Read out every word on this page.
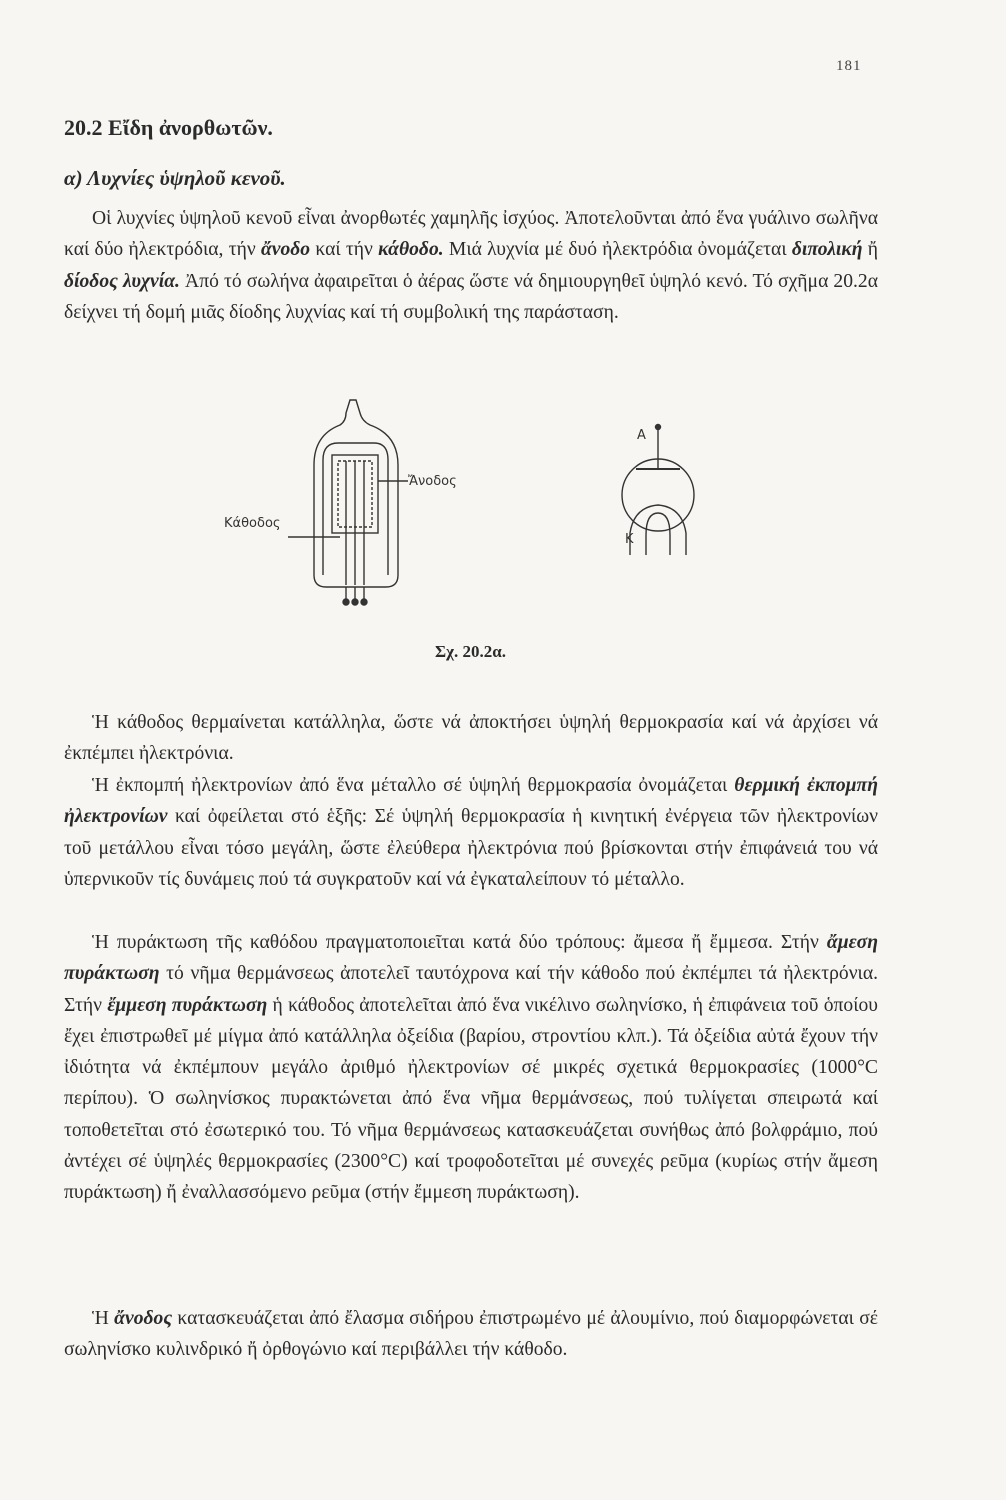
181
20.2 Εἴδη ἀνορθωτῶν.
α) Λυχνίες ὑψηλοῦ κενοῦ.

Οἱ λυχνίες ὑψηλοῦ κενοῦ εἶναι ἀνορθωτές χαμηλῆς ἰσχύος. Ἀποτελοῦνται ἀπό ἕνα γυάλινο σωλῆνα καί δύο ἠλεκτρόδια, τήν ἄνοδο καί τήν κάθοδο. Μιά λυχνία μέ δυό ἠλεκτρόδια ὀνομάζεται διπολική ἤ δίοδος λυχνία. Ἀπό τό σωλήνα ἀφαιρεῖται ὁ ἀέρας ὥστε νά δημιουργηθεῖ ὑψηλό κενό. Τό σχῆμα 20.2α δείχνει τή δομή μιᾶς δίοδης λυχνίας καί τή συμβολική της παράσταση.

Ἄνοδος
Κάθοδος
Α
Κ
Σχ. 20.2α.

Ἡ κάθοδος θερμαίνεται κατάλληλα, ὥστε νά ἀποκτήσει ὑψηλή θερμοκρασία καί νά ἀρχίσει νά ἐκπέμπει ἠλεκτρόνια.

Ἡ ἐκπομπή ἠλεκτρονίων ἀπό ἕνα μέταλλο σέ ὑψηλή θερμοκρασία ὀνομάζεται θερμική ἐκπομπή ἠλεκτρονίων καί ὀφείλεται στό ἑξῆς: Σέ ὑψηλή θερμοκρασία ἡ κινητική ἐνέργεια τῶν ἠλεκτρονίων τοῦ μετάλλου εἶναι τόσο μεγάλη, ὥστε ἐλεύθερα ἠλεκτρόνια πού βρίσκονται στήν ἐπιφάνειά του νά ὑπερνικοῦν τίς δυνάμεις πού τά συγκρατοῦν καί νά ἐγκαταλείπουν τό μέταλλο.

Ἡ πυράκτωση τῆς καθόδου πραγματοποιεῖται κατά δύο τρόπους: ἄμεσα ἤ ἔμμεσα. Στήν ἄμεση πυράκτωση τό νῆμα θερμάνσεως ἀποτελεῖ ταυτόχρονα καί τήν κάθοδο πού ἐκπέμπει τά ἠλεκτρόνια. Στήν ἔμμεση πυράκτωση ἡ κάθοδος ἀποτελεῖται ἀπό ἕνα νικέλινο σωληνίσκο, ἡ ἐπιφάνεια τοῦ ὁποίου ἔχει ἐπιστρωθεῖ μέ μίγμα ἀπό κατάλληλα ὀξείδια (βαρίου, στροντίου κλπ.). Τά ὀξείδια αὐτά ἔχουν τήν ἰδιότητα νά ἐκπέμπουν μεγάλο ἀριθμό ἠλεκτρονίων σέ μικρές σχετικά θερμοκρασίες (1000°C περίπου). Ὁ σωληνίσκος πυρακτώνεται ἀπό ἕνα νῆμα θερμάνσεως, πού τυλίγεται σπειρωτά καί τοποθετεῖται στό ἐσωτερικό του. Τό νῆμα θερμάνσεως κατασκευάζεται συνήθως ἀπό βολφράμιο, πού ἀντέχει σέ ὑψηλές θερμοκρασίες (2300°C) καί τροφοδοτεῖται μέ συνεχές ρεῦμα (κυρίως στήν ἄμεση πυράκτωση) ἤ ἐναλλασσόμενο ρεῦμα (στήν ἔμμεση πυράκτωση).

Ἡ ἄνοδος κατασκευάζεται ἀπό ἔλασμα σιδήρου ἐπιστρωμένο μέ ἀλουμίνιο, πού διαμορφώνεται σέ σωληνίσκο κυλινδρικό ἤ ὀρθογώνιο καί περιβάλλει τήν κάθοδο.
